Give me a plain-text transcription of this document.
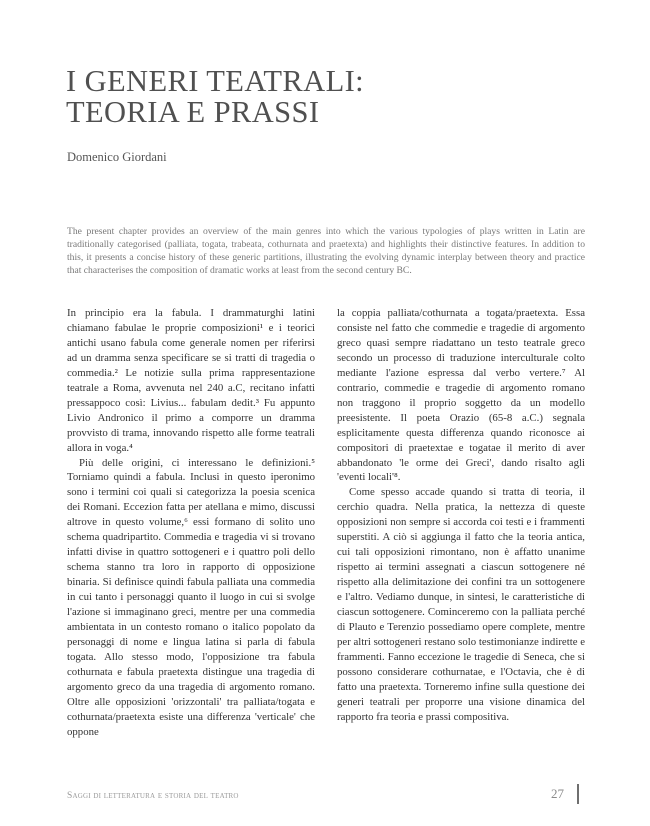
I GENERI TEATRALI:
TEORIA E PRASSI
Domenico Giordani

The present chapter provides an overview of the main genres into which the various typologies of plays written in Latin are traditionally categorised (palliata, togata, trabeata, cothurnata and praetexta) and highlights their distinctive features. In addition to this, it presents a concise history of these generic partitions, illustrating the evolving dynamic interplay between theory and practice that characterises the composition of dramatic works at least from the second century BC.

In principio era la fabula. I drammaturghi latini chiamano fabulae le proprie composizioni¹ e i teorici antichi usano fabula come generale nomen per riferirsi ad un dramma senza specificare se si tratti di tragedia o commedia.² Le notizie sulla prima rappresentazione teatrale a Roma, avvenuta nel 240 a.C, recitano infatti pressappoco così: Livius... fabulam dedit.³ Fu appunto Livio Andronico il primo a comporre un dramma provvisto di trama, innovando rispetto alle forme teatrali allora in voga.⁴

Più delle origini, ci interessano le definizioni.⁵ Torniamo quindi a fabula. Inclusi in questo iperonimo sono i termini coi quali si categorizza la poesia scenica dei Romani. Eccezion fatta per atellana e mimo, discussi altrove in questo volume,⁶ essi formano di solito uno schema quadripartito. Commedia e tragedia vi si trovano infatti divise in quattro sottogeneri e i quattro poli dello schema stanno tra loro in rapporto di opposizione binaria. Si definisce quindi fabula palliata una commedia in cui tanto i personaggi quanto il luogo in cui si svolge l'azione si immaginano greci, mentre per una commedia ambientata in un contesto romano o italico popolato da personaggi di nome e lingua latina si parla di fabula togata. Allo stesso modo, l'opposizione tra fabula cothurnata e fabula praetexta distingue una tragedia di argomento greco da una tragedia di argomento romano. Oltre alle opposizioni 'orizzontali' tra palliata/togata e cothurnata/praetexta esiste una differenza 'verticale' che oppone

la coppia palliata/cothurnata a togata/praetexta. Essa consiste nel fatto che commedie e tragedie di argomento greco quasi sempre riadattano un testo teatrale greco secondo un processo di traduzione interculturale colto mediante l'azione espressa dal verbo vertere.⁷ Al contrario, commedie e tragedie di argomento romano non traggono il proprio soggetto da un modello preesistente. Il poeta Orazio (65-8 a.C.) segnala esplicitamente questa differenza quando riconosce ai compositori di praetextae e togatae il merito di aver abbandonato 'le orme dei Greci', dando risalto agli 'eventi locali'⁸.

Come spesso accade quando si tratta di teoria, il cerchio quadra. Nella pratica, la nettezza di queste opposizioni non sempre si accorda coi testi e i frammenti superstiti. A ciò si aggiunga il fatto che la teoria antica, cui tali opposizioni rimontano, non è affatto unanime rispetto ai termini assegnati a ciascun sottogenere né rispetto alla delimitazione dei confini tra un sottogenere e l'altro. Vediamo dunque, in sintesi, le caratteristiche di ciascun sottogenere. Cominceremo con la palliata perché di Plauto e Terenzio possediamo opere complete, mentre per altri sottogeneri restano solo testimonianze indirette e frammenti. Fanno eccezione le tragedie di Seneca, che si possono considerare cothurnatae, e l'Octavia, che è di fatto una praetexta. Torneremo infine sulla questione dei generi teatrali per proporre una visione dinamica del rapporto fra teoria e prassi compositiva.

Saggi di letteratura e storia del teatro	27
